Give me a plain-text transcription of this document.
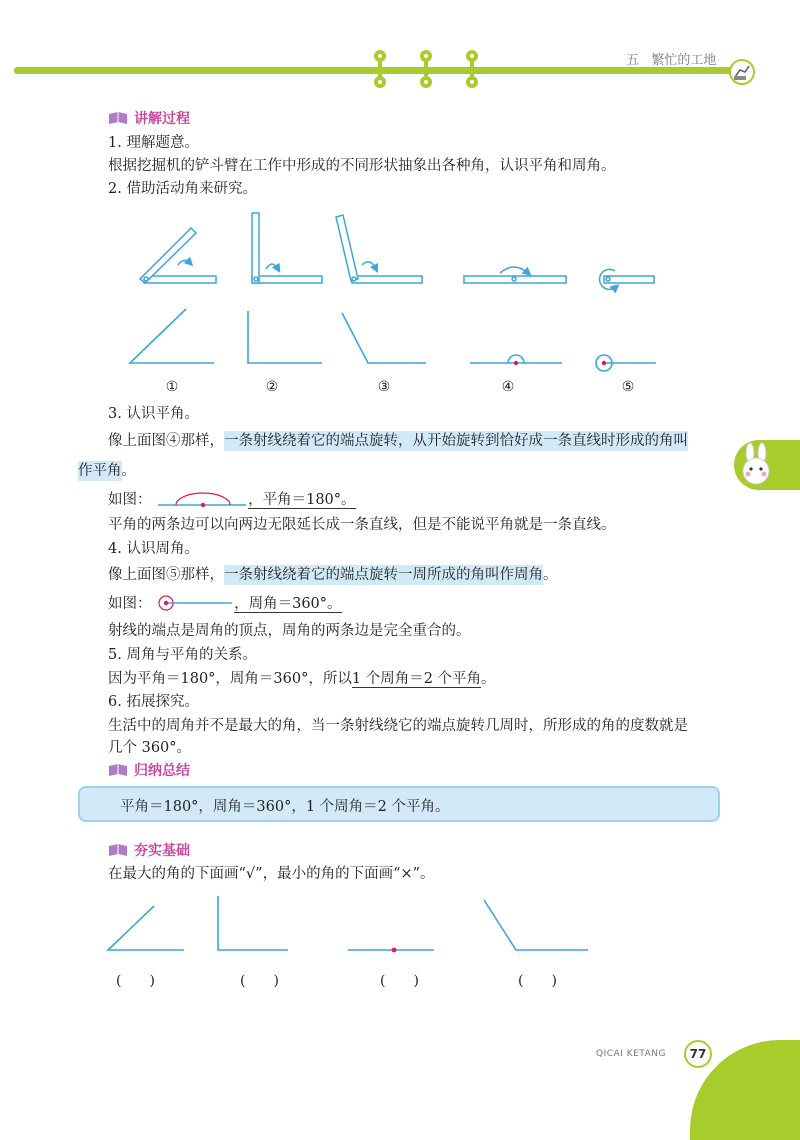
五 繁忙的工地
讲解过程
1. 理解题意。
根据挖掘机的铲斗臂在工作中形成的不同形状抽象出各种角，认识平角和周角。
2. 借助活动角来研究。
①	②	③	④	⑤
3. 认识平角。
像上面图④那样，一条射线绕着它的端点旋转，从开始旋转到恰好成一条直线时形成的角叫
作平角。
如图：	，平角＝180°。
平角的两条边可以向两边无限延长成一条直线，但是不能说平角就是一条直线。
4. 认识周角。
像上面图⑤那样，一条射线绕着它的端点旋转一周所成的角叫作周角。
如图：	，周角＝360°。
射线的端点是周角的顶点，周角的两条边是完全重合的。
5. 周角与平角的关系。
因为平角＝180°，周角＝360°，所以1 个周角＝2 个平角。
6. 拓展探究。
生活中的周角并不是最大的角，当一条射线绕它的端点旋转几周时，所形成的角的度数就是
几个 360°。
归纳总结
平角＝180°，周角＝360°，1 个周角＝2 个平角。
夯实基础
在最大的角的下面画“√”，最小的角的下面画“×”。
(　　)	(　　)	(　　)	(　　)
QICAI KETANG 77
